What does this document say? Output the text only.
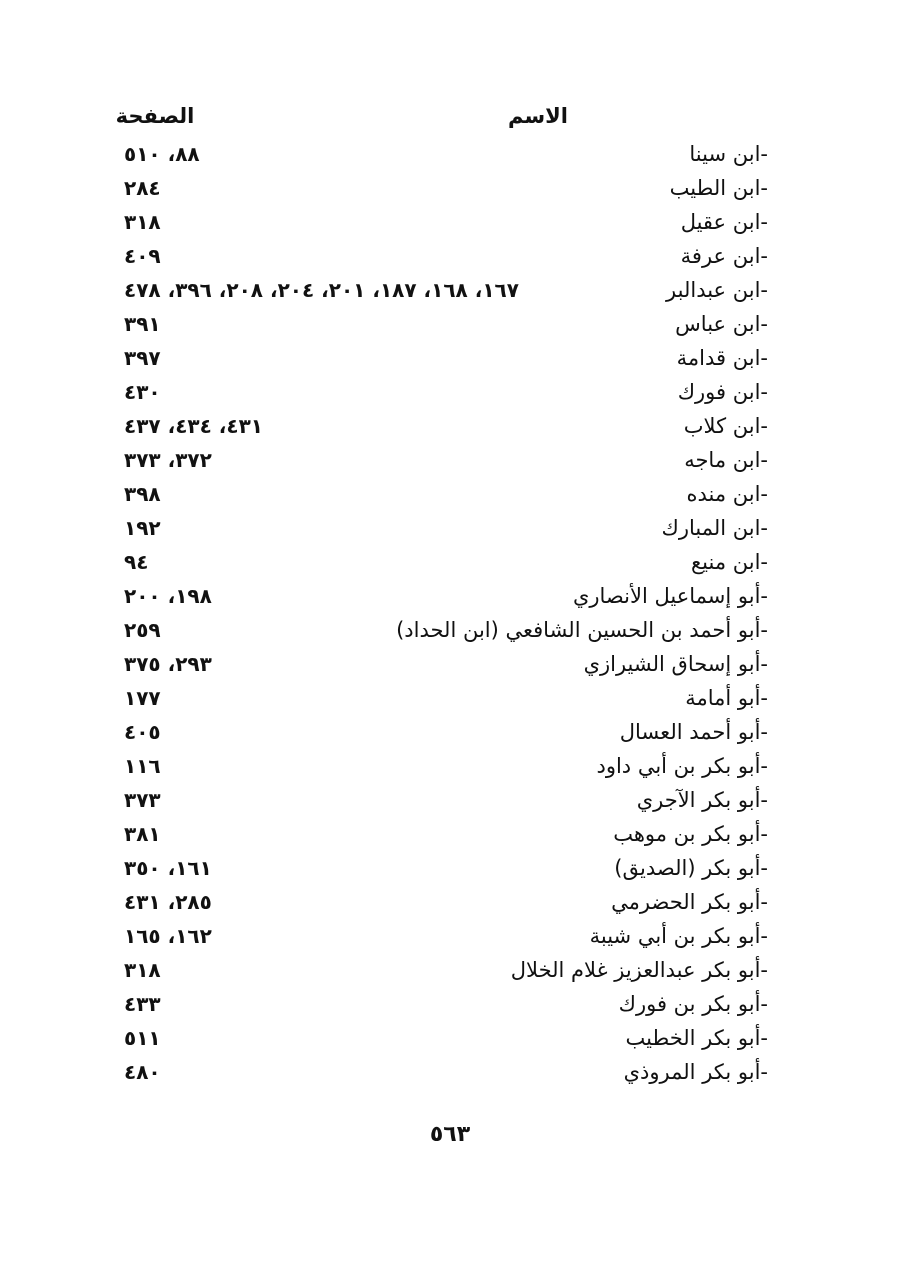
الاسم
الصفحة
-ابن سينا
٨٨، ٥١٠
-ابن الطيب
٢٨٤
-ابن عقيل
٣١٨
-ابن عرفة
٤٠٩
-ابن عبدالبر
١٦٧، ١٦٨، ١٨٧، ٢٠١، ٢٠٤، ٢٠٨، ٣٩٦، ٤٧٨
-ابن عباس
٣٩١
-ابن قدامة
٣٩٧
-ابن فورك
٤٣٠
-ابن كلاب
٤٣١، ٤٣٤، ٤٣٧
-ابن ماجه
٣٧٢، ٣٧٣
-ابن منده
٣٩٨
-ابن المبارك
١٩٢
-ابن منيع
٩٤
-أبو إسماعيل الأنصاري
١٩٨، ٢٠٠
-أبو أحمد بن الحسين الشافعي (ابن الحداد)
٢٥٩
-أبو إسحاق الشيرازي
٢٩٣، ٣٧٥
-أبو أمامة
١٧٧
-أبو أحمد العسال
٤٠٥
-أبو بكر بن أبي داود
١١٦
-أبو بكر الآجري
٣٧٣
-أبو بكر بن موهب
٣٨١
-أبو بكر (الصديق)
١٦١، ٣٥٠
-أبو بكر الحضرمي
٢٨٥، ٤٣١
-أبو بكر بن أبي شيبة
١٦٢، ١٦٥
-أبو بكر عبدالعزيز غلام الخلال
٣١٨
-أبو بكر بن فورك
٤٣٣
-أبو بكر الخطيب
٥١١
-أبو بكر المروذي
٤٨٠
٥٦٣
